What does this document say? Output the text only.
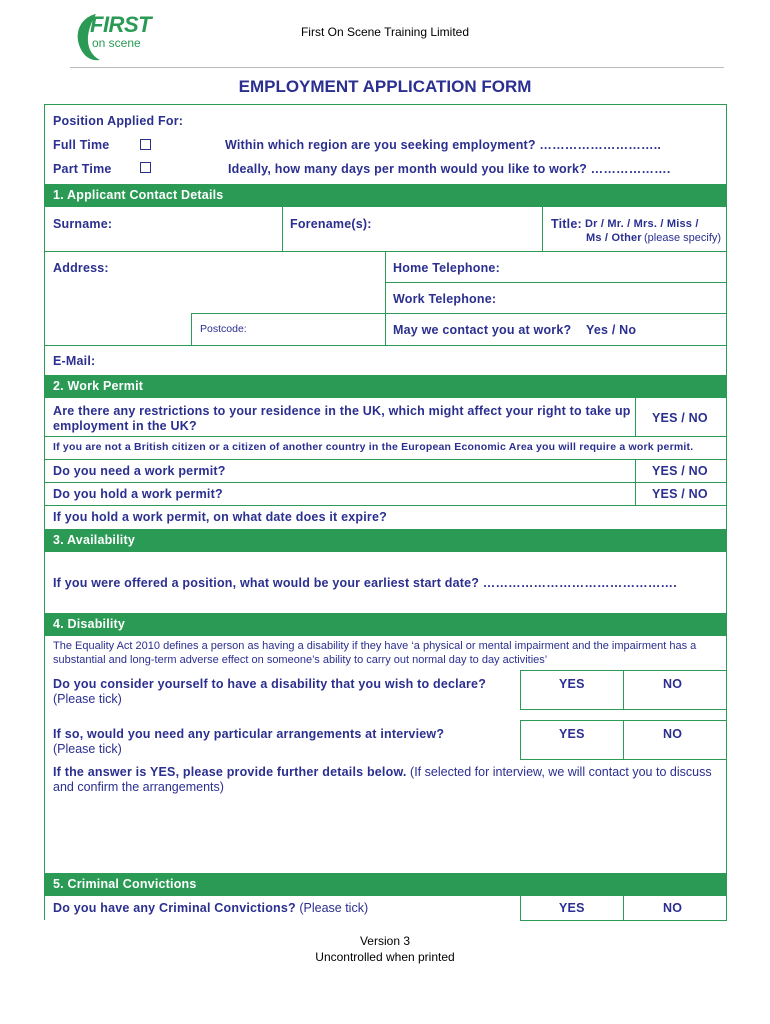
FIRST
on scene
First On Scene Training Limited
EMPLOYMENT APPLICATION FORM
Position Applied For:
Full Time	Within which region are you seeking employment? ………………………..
Part Time	Ideally, how many days per month would you like to work? ……………….
1. Applicant Contact Details
Surname:	Forename(s):	Title: Dr / Mr. / Mrs. / Miss /
Ms / Other (please specify)
Address:	Home Telephone:
Work Telephone:
Postcode:	May we contact you at work? Yes / No
E-Mail:
2. Work Permit
Are there any restrictions to your residence in the UK, which might affect your right to take up
employment in the UK?
YES / NO
If you are not a British citizen or a citizen of another country in the European Economic Area you will require a work permit.
Do you need a work permit?	YES / NO
Do you hold a work permit?	YES / NO
If you hold a work permit, on what date does it expire?
3. Availability
If you were offered a position, what would be your earliest start date? ……………………………………….
4. Disability
The Equality Act 2010 defines a person as having a disability if they have ‘a physical or mental impairment and the impairment has a
substantial and long-term adverse effect on someone’s ability to carry out normal day to day activities’
Do you consider yourself to have a disability that you wish to declare?
(Please tick)
YES	NO
If so, would you need any particular arrangements at interview?
(Please tick)
YES	NO
If the answer is YES, please provide further details below. (If selected for interview, we will contact you to discuss
and confirm the arrangements)
5. Criminal Convictions
Do you have any Criminal Convictions? (Please tick)	YES	NO
Version 3
Uncontrolled when printed
